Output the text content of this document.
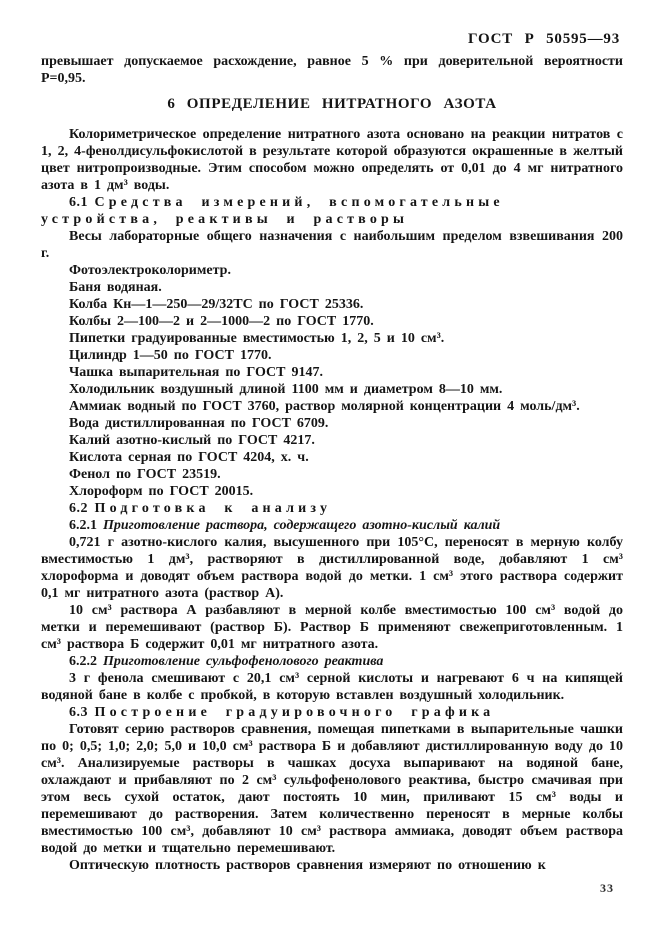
ГОСТ Р 50595—93

превышает допускаемое расхождение, равное 5 % при доверительной вероятности Р=0,95.

6 ОПРЕДЕЛЕНИЕ НИТРАТНОГО АЗОТА

Колориметрическое определение нитратного азота основано на реакции нитратов с 1, 2, 4-фенолдисульфокислотой в результате которой образуются окрашенные в желтый цвет нитропроизводные. Этим способом можно определять от 0,01 до 4 мг нитратного азота в 1 дм³ воды.

6.1 Средства измерений, вспомогательные устройства, реактивы и растворы

Весы лабораторные общего назначения с наибольшим пределом взвешивания 200 г.

Фотоэлектроколориметр.

Баня водяная.

Колба Кн—1—250—29/32ТС по ГОСТ 25336.

Колбы 2—100—2 и 2—1000—2 по ГОСТ 1770.

Пипетки градуированные вместимостью 1, 2, 5 и 10 см³.

Цилиндр 1—50 по ГОСТ 1770.

Чашка выпарительная по ГОСТ 9147.

Холодильник воздушный длиной 1100 мм и диаметром 8—10 мм.

Аммиак водный по ГОСТ 3760, раствор молярной концентрации 4 моль/дм³.

Вода дистиллированная по ГОСТ 6709.

Калий азотно-кислый по ГОСТ 4217.

Кислота серная по ГОСТ 4204, х. ч.

Фенол по ГОСТ 23519.

Хлороформ по ГОСТ 20015.

6.2 Подготовка к анализу

6.2.1 Приготовление раствора, содержащего азотно-кислый калий

0,721 г азотно-кислого калия, высушенного при 105°С, переносят в мерную колбу вместимостью 1 дм³, растворяют в дистиллированной воде, добавляют 1 см³ хлороформа и доводят объем раствора водой до метки. 1 см³ этого раствора содержит 0,1 мг нитратного азота (раствор А).

10 см³ раствора А разбавляют в мерной колбе вместимостью 100 см³ водой до метки и перемешивают (раствор Б). Раствор Б применяют свежеприготовленным. 1 см³ раствора Б содержит 0,01 мг нитратного азота.

6.2.2 Приготовление сульфофенолового реактива

3 г фенола смешивают с 20,1 см³ серной кислоты и нагревают 6 ч на кипящей водяной бане в колбе с пробкой, в которую вставлен воздушный холодильник.

6.3 Построение градуировочного графика

Готовят серию растворов сравнения, помещая пипетками в выпарительные чашки по 0; 0,5; 1,0; 2,0; 5,0 и 10,0 см³ раствора Б и добавляют дистиллированную воду до 10 см³. Анализируемые растворы в чашках досуха выпаривают на водяной бане, охлаждают и прибавляют по 2 см³ сульфофенолового реактива, быстро смачивая при этом весь сухой остаток, дают постоять 10 мин, приливают 15 см³ воды и перемешивают до растворения. Затем количественно переносят в мерные колбы вместимостью 100 см³, добавляют 10 см³ раствора аммиака, доводят объем раствора водой до метки и тщательно перемешивают.

Оптическую плотность растворов сравнения измеряют по отношению к

33
